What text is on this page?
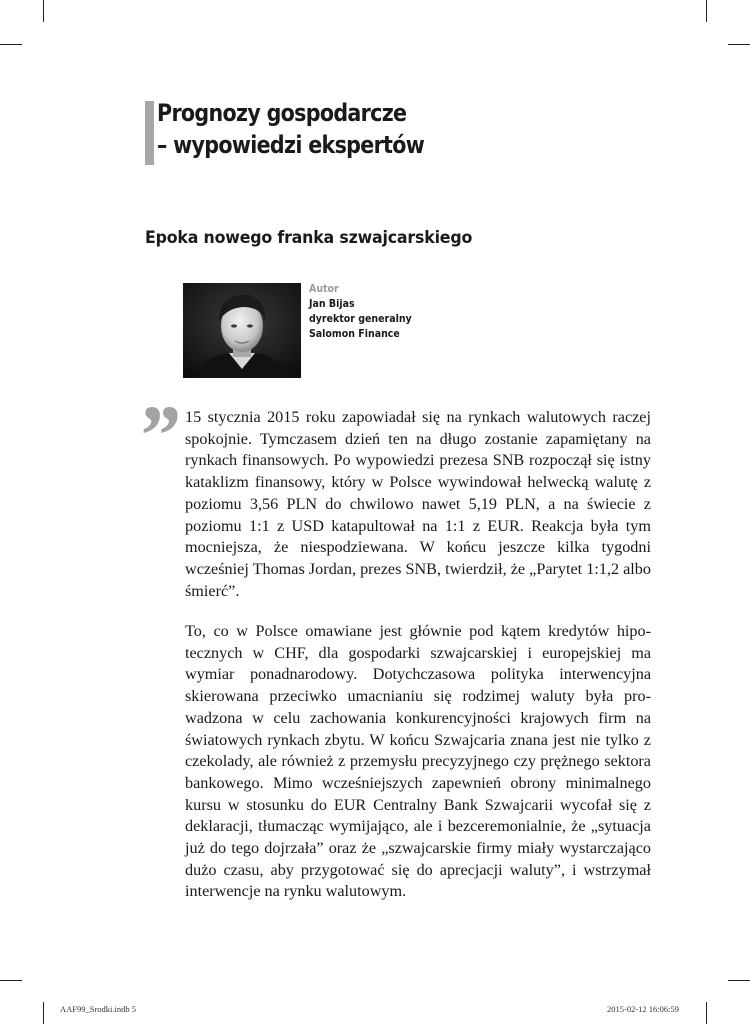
Prognozy gospodarcze
– wypowiedzi ekspertów
Epoka nowego franka szwajcarskiego
Autor
Jan Bijas
dyrektor generalny
Salomon Finance
” 15 stycznia 2015 roku zapowiadał się na rynkach walutowych raczej spokojnie. Tymczasem dzień ten na długo zostanie zapamiętany na rynkach finansowych. Po wypowiedzi prezesa SNB rozpoczął się istny kataklizm finansowy, który w Polsce wywindował helwecką walutę z poziomu 3,56 PLN do chwilowo nawet 5,19 PLN, a na świecie z poziomu 1:1 z USD katapultował na 1:1 z EUR. Reakcja była tym mocniejsza, że niespodziewana. W końcu jeszcze kilka tygodni wcześniej Thomas Jordan, prezes SNB, twierdził, że „Parytet 1:1,2 albo śmierć”.

To, co w Polsce omawiane jest głównie pod kątem kredytów hipotecznych w CHF, dla gospodarki szwajcarskiej i europejskiej ma wymiar ponadnarodowy. Dotychczasowa polityka interwencyjna skierowana przeciwko umacnianiu się rodzimej waluty była prowadzona w celu zachowania konkurencyjności krajowych firm na światowych rynkach zbytu. W końcu Szwajcaria znana jest nie tylko z czekolady, ale również z przemysłu precyzyjnego czy prężnego sektora bankowego. Mimo wcześniejszych zapewnień obrony minimalnego kursu w stosunku do EUR Centralny Bank Szwajcarii wycofał się z deklaracji, tłumacząc wymijająco, ale i bezceremonialnie, że „sytuacja już do tego dojrzała” oraz że „szwajcarskie firmy miały wystarczająco dużo czasu, aby przygotować się do aprecjacji waluty”, i wstrzymał interwencje na rynku walutowym.

AAF99_Srodki.indb 5	2015-02-12 16:06:59
